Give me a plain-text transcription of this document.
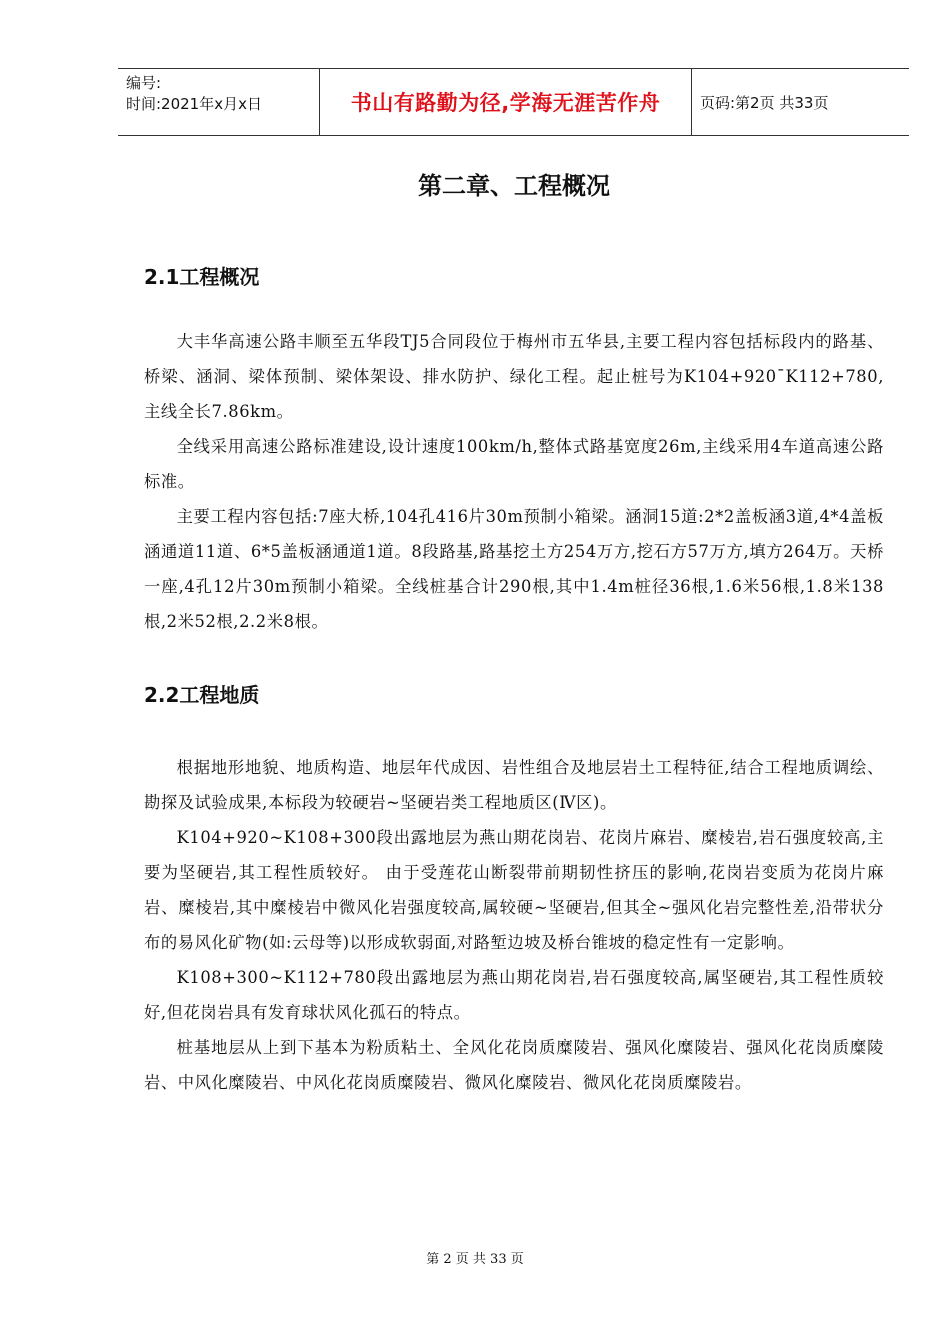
编号:
时间:2021年x月x日	书山有路勤为径,学海无涯苦作舟	页码:第2页 共33页
第二章、工程概况
2.1工程概况

大丰华高速公路丰顺至五华段TJ5合同段位于梅州市五华县,主要工程内容包括标段内的路基、桥梁、涵洞、梁体预制、梁体架设、排水防护、绿化工程。起止桩号为K104+920¯K112+780,主线全长7.86km。

全线采用高速公路标准建设,设计速度100km/h,整体式路基宽度26m,主线采用4车道高速公路标准。

主要工程内容包括:7座大桥,104孔416片30m预制小箱梁。涵洞15道:2*2盖板涵3道,4*4盖板涵通道11道、6*5盖板涵通道1道。8段路基,路基挖土方254万方,挖石方57万方,填方264万。天桥一座,4孔12片30m预制小箱梁。全线桩基合计290根,其中1.4m桩径36根,1.6米56根,1.8米138根,2米52根,2.2米8根。

2.2工程地质

根据地形地貌、地质构造、地层年代成因、岩性组合及地层岩土工程特征,结合工程地质调绘、勘探及试验成果,本标段为较硬岩~坚硬岩类工程地质区(Ⅳ区)。

K104+920~K108+300段出露地层为燕山期花岗岩、花岗片麻岩、糜棱岩,岩石强度较高,主要为坚硬岩,其工程性质较好。 由于受莲花山断裂带前期韧性挤压的影响,花岗岩变质为花岗片麻岩、糜棱岩,其中糜棱岩中微风化岩强度较高,属较硬~坚硬岩,但其全~强风化岩完整性差,沿带状分布的易风化矿物(如:云母等)以形成软弱面,对路堑边坡及桥台锥坡的稳定性有一定影响。

K108+300~K112+780段出露地层为燕山期花岗岩,岩石强度较高,属坚硬岩,其工程性质较好,但花岗岩具有发育球状风化孤石的特点。

桩基地层从上到下基本为粉质粘土、全风化花岗质糜陵岩、强风化糜陵岩、强风化花岗质糜陵岩、中风化糜陵岩、中风化花岗质糜陵岩、微风化糜陵岩、微风化花岗质糜陵岩。

第 2 页 共 33 页
